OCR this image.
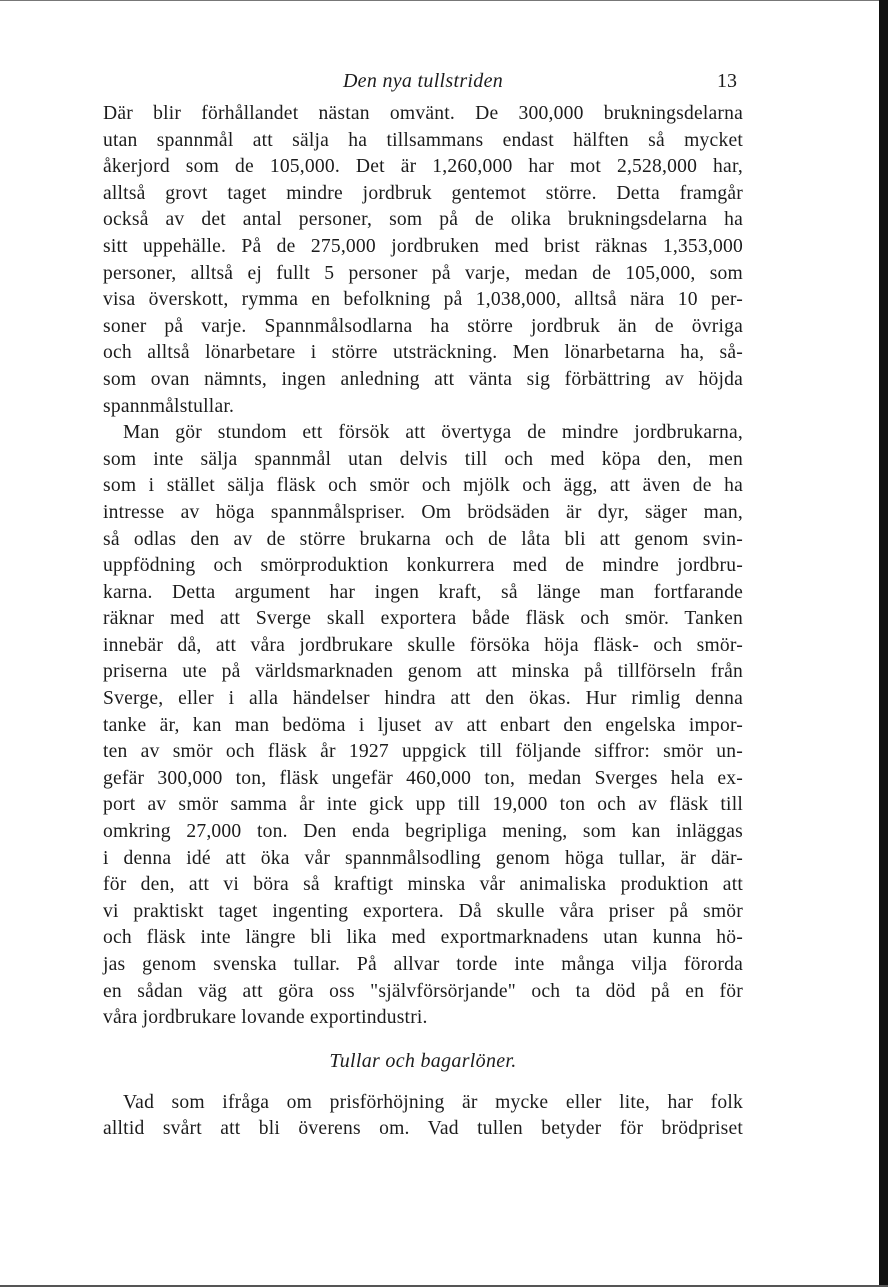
Den nya tullstriden	13

Där blir förhållandet nästan omvänt. De 300,000 brukningsdelarna
utan spannmål att sälja ha tillsammans endast hälften så mycket
åkerjord som de 105,000. Det är 1,260,000 har mot 2,528,000 har,
alltså grovt taget mindre jordbruk gentemot större. Detta framgår
också av det antal personer, som på de olika brukningsdelarna ha
sitt uppehälle. På de 275,000 jordbruken med brist räknas 1,353,000
personer, alltså ej fullt 5 personer på varje, medan de 105,000, som
visa överskott, rymma en befolkning på 1,038,000, alltså nära 10 per-
soner på varje. Spannmålsodlarna ha större jordbruk än de övriga
och alltså lönarbetare i större utsträckning. Men lönarbetarna ha, så-
som ovan nämnts, ingen anledning att vänta sig förbättring av höjda
spannmålstullar.

Man gör stundom ett försök att övertyga de mindre jordbrukarna,
som inte sälja spannmål utan delvis till och med köpa den, men
som i stället sälja fläsk och smör och mjölk och ägg, att även de ha
intresse av höga spannmålspriser. Om brödsäden är dyr, säger man,
så odlas den av de större brukarna och de låta bli att genom svin-
uppfödning och smörproduktion konkurrera med de mindre jordbru-
karna. Detta argument har ingen kraft, så länge man fortfarande
räknar med att Sverge skall exportera både fläsk och smör. Tanken
innebär då, att våra jordbrukare skulle försöka höja fläsk- och smör-
priserna ute på världsmarknaden genom att minska på tillförseln från
Sverge, eller i alla händelser hindra att den ökas. Hur rimlig denna
tanke är, kan man bedöma i ljuset av att enbart den engelska impor-
ten av smör och fläsk år 1927 uppgick till följande siffror: smör un-
gefär 300,000 ton, fläsk ungefär 460,000 ton, medan Sverges hela ex-
port av smör samma år inte gick upp till 19,000 ton och av fläsk till
omkring 27,000 ton. Den enda begripliga mening, som kan inläggas
i denna idé att öka vår spannmålsodling genom höga tullar, är där-
för den, att vi böra så kraftigt minska vår animaliska produktion att
vi praktiskt taget ingenting exportera. Då skulle våra priser på smör
och fläsk inte längre bli lika med exportmarknadens utan kunna hö-
jas genom svenska tullar. På allvar torde inte många vilja förorda
en sådan väg att göra oss "självförsörjande" och ta död på en för
våra jordbrukare lovande exportindustri.

Tullar och bagarlöner.

Vad som ifråga om prisförhöjning är mycke eller lite, har folk
alltid svårt att bli överens om. Vad tullen betyder för brödpriset
